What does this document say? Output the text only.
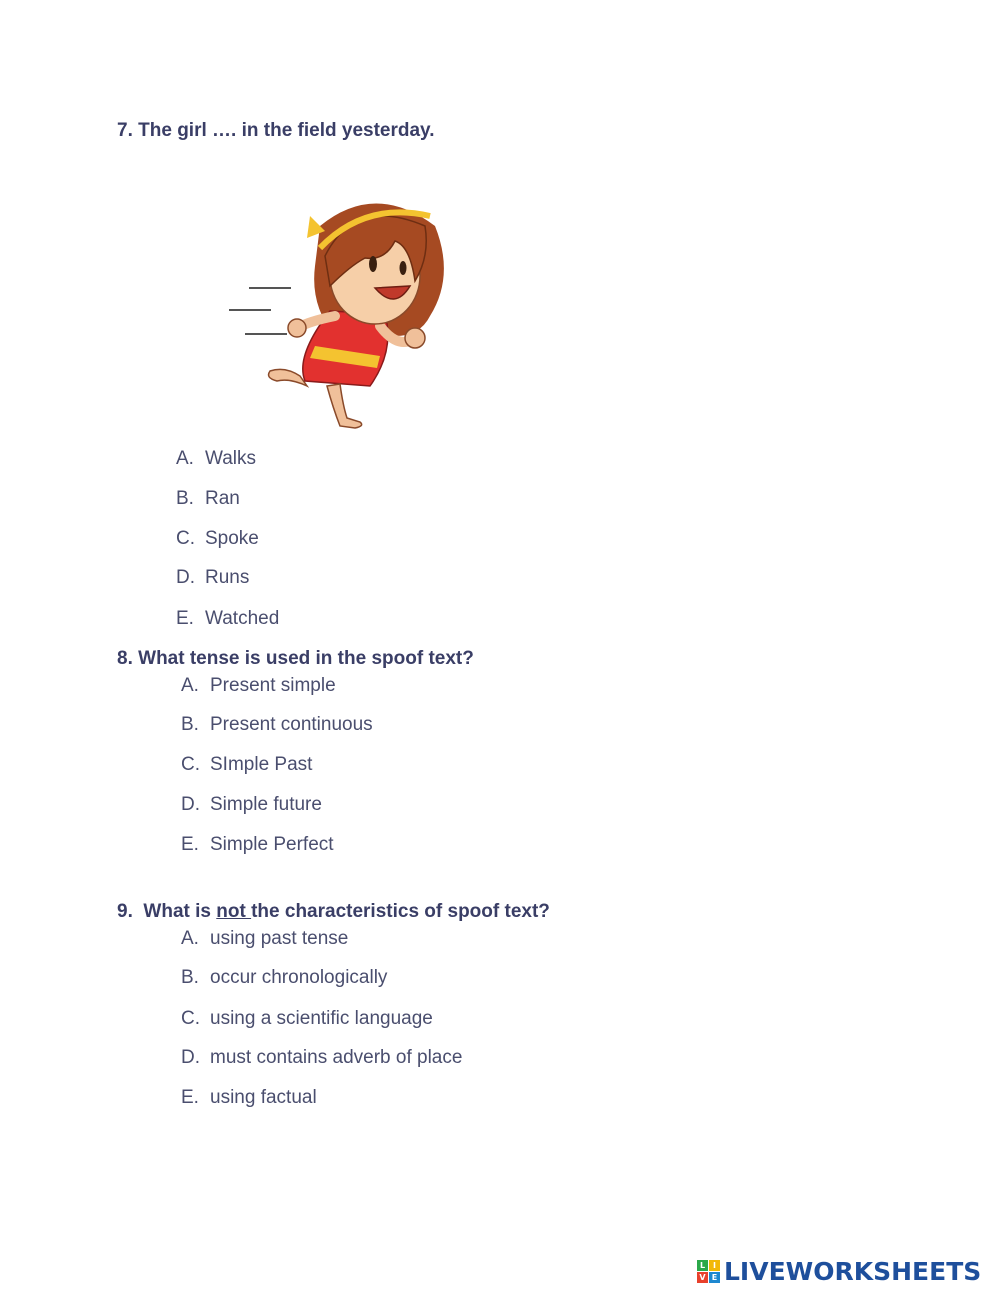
7. The girl …. in the field yesterday.
A. Walks
B. Ran
C. Spoke
D. Runs
E. Watched
8. What tense is used in the spoof text?
A. Present simple
B. Present continuous
C. SImple Past
D. Simple future
E. Simple Perfect
9. What is not the characteristics of spoof text?
A. using past tense
B. occur chronologically
C. using a scientific language
D. must contains adverb of place
E. using factual
L I
V E LIVEWORKSHEETS
